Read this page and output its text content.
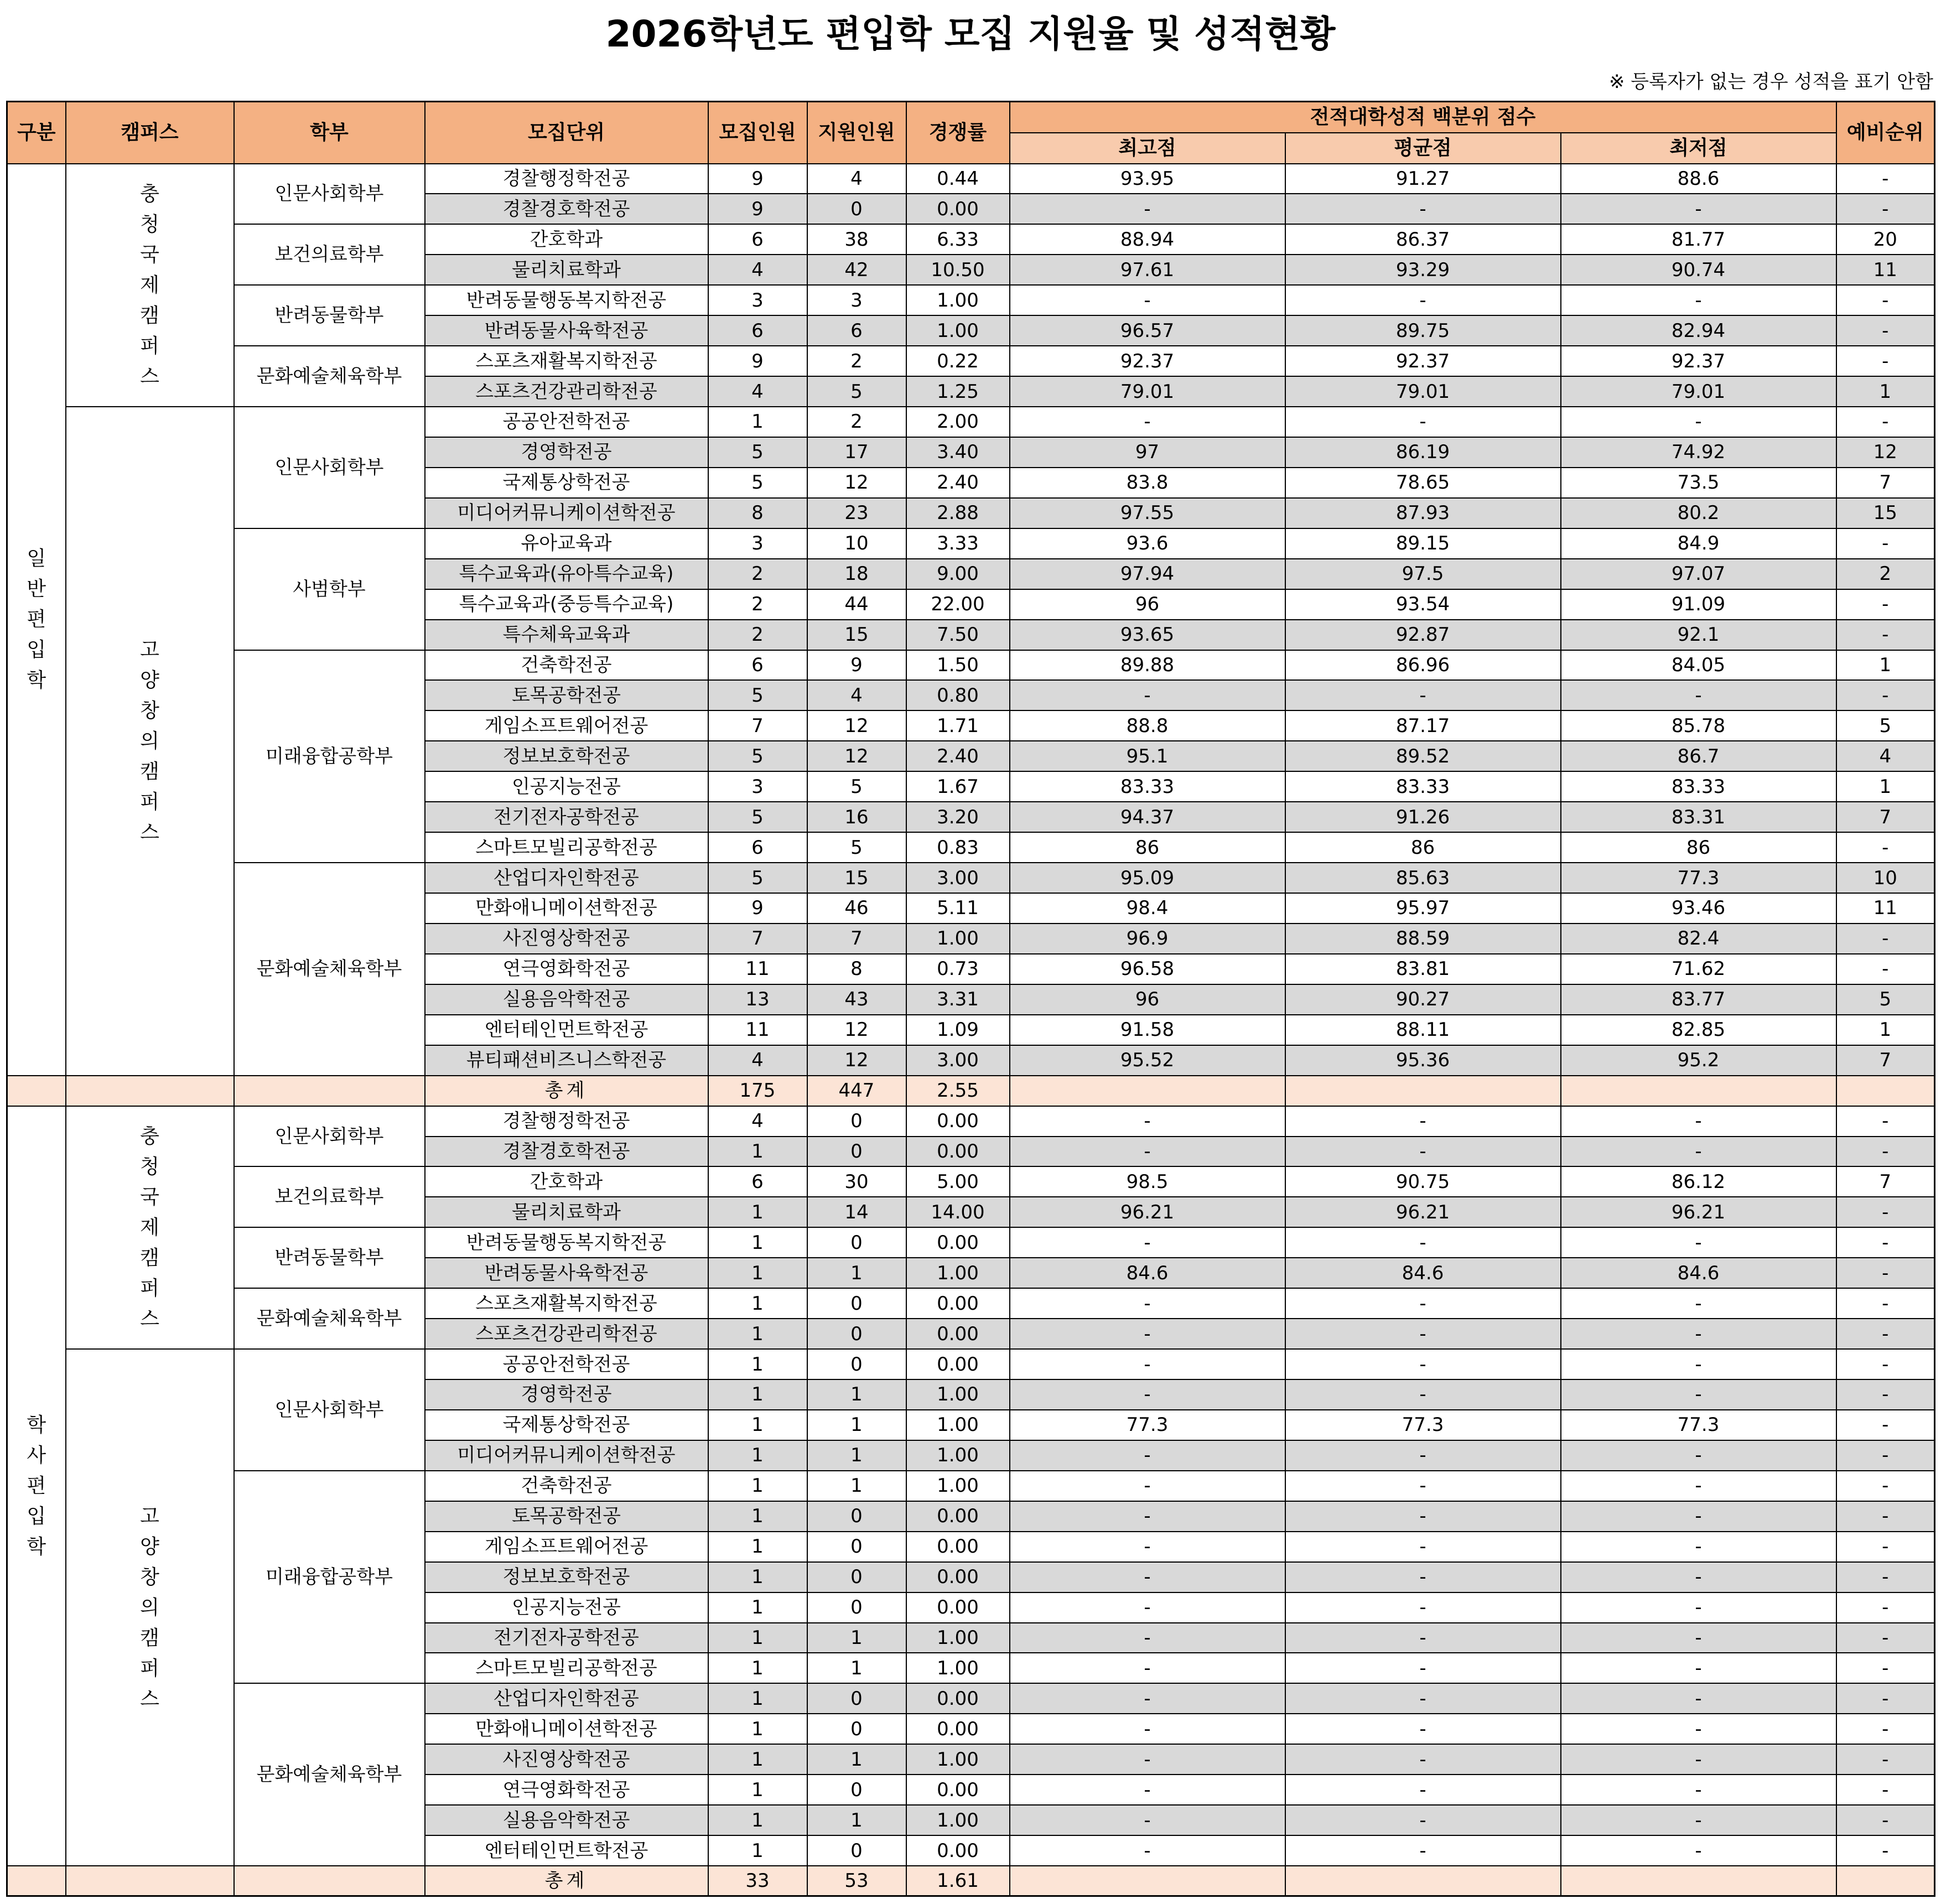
2026학년도 편입학 모집 지원율 및 성적현황
※ 등록자가 없는 경우 성적을 표기 안함
구분	캠퍼스	학부	모집단위	모집인원	지원인원	경쟁률	전적대학성적 백분위 점수			예비순위
							최고점	평균점	최저점	
일반편입학	충청국제캠퍼스	인문사회학부	경찰행정학전공	9	4	0.44	93.95	91.27	88.6	-
			경찰경호학전공	9	0	0.00	-	-	-	-
		보건의료학부	간호학과	6	38	6.33	88.94	86.37	81.77	20
			물리치료학과	4	42	10.50	97.61	93.29	90.74	11
		반려동물학부	반려동물행동복지학전공	3	3	1.00	-	-	-	-
			반려동물사육학전공	6	6	1.00	96.57	89.75	82.94	-
		문화예술체육학부	스포츠재활복지학전공	9	2	0.22	92.37	92.37	92.37	-
			스포츠건강관리학전공	4	5	1.25	79.01	79.01	79.01	1
	고양창의캠퍼스	인문사회학부	공공안전학전공	1	2	2.00	-	-	-	-
			경영학전공	5	17	3.40	97	86.19	74.92	12
			국제통상학전공	5	12	2.40	83.8	78.65	73.5	7
			미디어커뮤니케이션학전공	8	23	2.88	97.55	87.93	80.2	15
		사범학부	유아교육과	3	10	3.33	93.6	89.15	84.9	-
			특수교육과(유아특수교육)	2	18	9.00	97.94	97.5	97.07	2
			특수교육과(중등특수교육)	2	44	22.00	96	93.54	91.09	-
			특수체육교육과	2	15	7.50	93.65	92.87	92.1	-
		미래융합공학부	건축학전공	6	9	1.50	89.88	86.96	84.05	1
			토목공학전공	5	4	0.80	-	-	-	-
			게임소프트웨어전공	7	12	1.71	88.8	87.17	85.78	5
			정보보호학전공	5	12	2.40	95.1	89.52	86.7	4
			인공지능전공	3	5	1.67	83.33	83.33	83.33	1
			전기전자공학전공	5	16	3.20	94.37	91.26	83.31	7
			스마트모빌리공학전공	6	5	0.83	86	86	86	-
		문화예술체육학부	산업디자인학전공	5	15	3.00	95.09	85.63	77.3	10
			만화애니메이션학전공	9	46	5.11	98.4	95.97	93.46	11
			사진영상학전공	7	7	1.00	96.9	88.59	82.4	-
			연극영화학전공	11	8	0.73	96.58	83.81	71.62	-
			실용음악학전공	13	43	3.31	96	90.27	83.77	5
			엔터테인먼트학전공	11	12	1.09	91.58	88.11	82.85	1
			뷰티패션비즈니스학전공	4	12	3.00	95.52	95.36	95.2	7
			총계	175	447	2.55				
학사편입학	충청국제캠퍼스	인문사회학부	경찰행정학전공	4	0	0.00	-	-	-	-
			경찰경호학전공	1	0	0.00	-	-	-	-
		보건의료학부	간호학과	6	30	5.00	98.5	90.75	86.12	7
			물리치료학과	1	14	14.00	96.21	96.21	96.21	-
		반려동물학부	반려동물행동복지학전공	1	0	0.00	-	-	-	-
			반려동물사육학전공	1	1	1.00	84.6	84.6	84.6	-
		문화예술체육학부	스포츠재활복지학전공	1	0	0.00	-	-	-	-
			스포츠건강관리학전공	1	0	0.00	-	-	-	-
	고양창의캠퍼스	인문사회학부	공공안전학전공	1	0	0.00	-	-	-	-
			경영학전공	1	1	1.00	-	-	-	-
			국제통상학전공	1	1	1.00	77.3	77.3	77.3	-
			미디어커뮤니케이션학전공	1	1	1.00	-	-	-	-
		미래융합공학부	건축학전공	1	1	1.00	-	-	-	-
			토목공학전공	1	0	0.00	-	-	-	-
			게임소프트웨어전공	1	0	0.00	-	-	-	-
			정보보호학전공	1	0	0.00	-	-	-	-
			인공지능전공	1	0	0.00	-	-	-	-
			전기전자공학전공	1	1	1.00	-	-	-	-
			스마트모빌리공학전공	1	1	1.00	-	-	-	-
		문화예술체육학부	산업디자인학전공	1	0	0.00	-	-	-	-
			만화애니메이션학전공	1	0	0.00	-	-	-	-
			사진영상학전공	1	1	1.00	-	-	-	-
			연극영화학전공	1	0	0.00	-	-	-	-
			실용음악학전공	1	1	1.00	-	-	-	-
			엔터테인먼트학전공	1	0	0.00	-	-	-	-
			총계	33	53	1.61				
